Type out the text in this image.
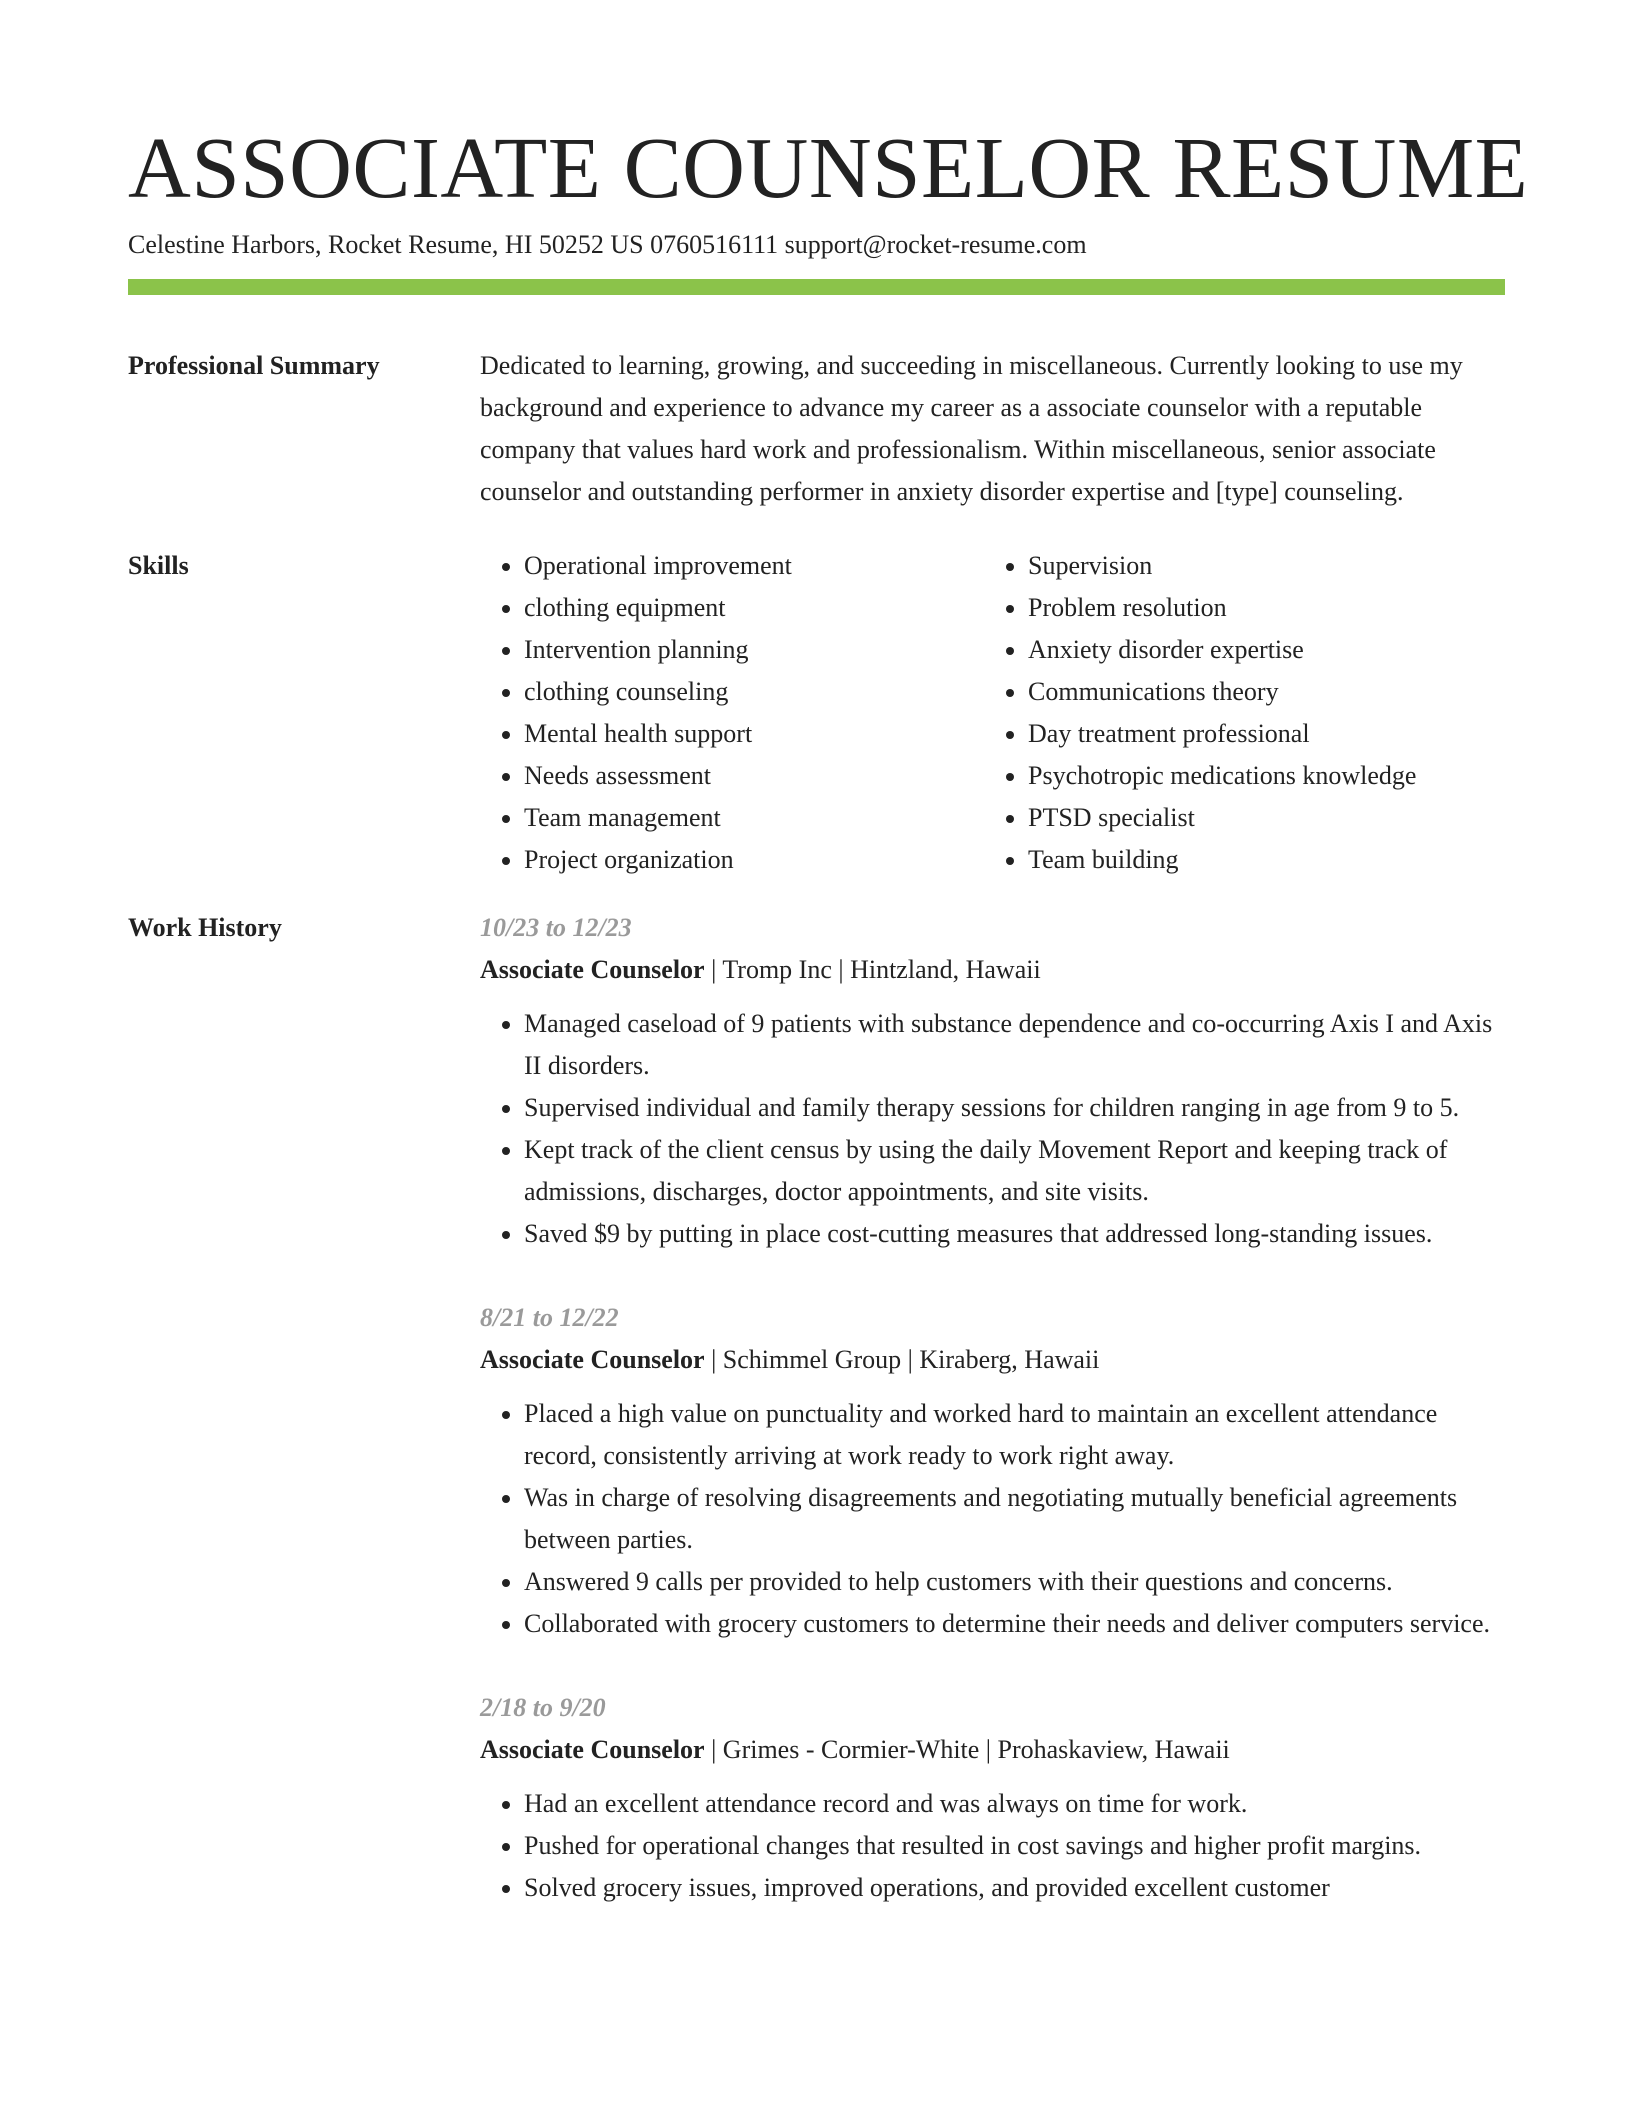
ASSOCIATE COUNSELOR RESUME
Celestine Harbors, Rocket Resume, HI 50252 US 0760516111 support@rocket-resume.com
Professional Summary	Dedicated to learning, growing, and succeeding in miscellaneous. Currently looking to use my background and experience to advance my career as a associate counselor with a reputable company that values hard work and professionalism. Within miscellaneous, senior associate counselor and outstanding performer in anxiety disorder expertise and [type] counseling.

Skills
•	Operational improvement
• clothing equipment
• Intervention planning
• clothing counseling
• Mental health support
• Needs assessment
• Team management
• Project organization
• Supervision
• Problem resolution
• Anxiety disorder expertise
• Communications theory
• Day treatment professional
• Psychotropic medications knowledge
• PTSD specialist
• Team building
Work History	10/23 to 12/23
Associate Counselor | Tromp Inc | Hintzland, Hawaii
• Managed caseload of 9 patients with substance dependence and co-occurring Axis I and Axis II disorders.
• Supervised individual and family therapy sessions for children ranging in age from 9 to 5.
• Kept track of the client census by using the daily Movement Report and keeping track of admissions, discharges, doctor appointments, and site visits.
• Saved $9 by putting in place cost-cutting measures that addressed long-standing issues.
8/21 to 12/22
Associate Counselor | Schimmel Group | Kiraberg, Hawaii
• Placed a high value on punctuality and worked hard to maintain an excellent attendance record, consistently arriving at work ready to work right away.
• Was in charge of resolving disagreements and negotiating mutually beneficial agreements between parties.
• Answered 9 calls per provided to help customers with their questions and concerns.
• Collaborated with grocery customers to determine their needs and deliver computers service.
2/18 to 9/20
Associate Counselor | Grimes - Cormier-White | Prohaskaview, Hawaii
• Had an excellent attendance record and was always on time for work.
• Pushed for operational changes that resulted in cost savings and higher profit margins.
• Solved grocery issues, improved operations, and provided excellent customer
